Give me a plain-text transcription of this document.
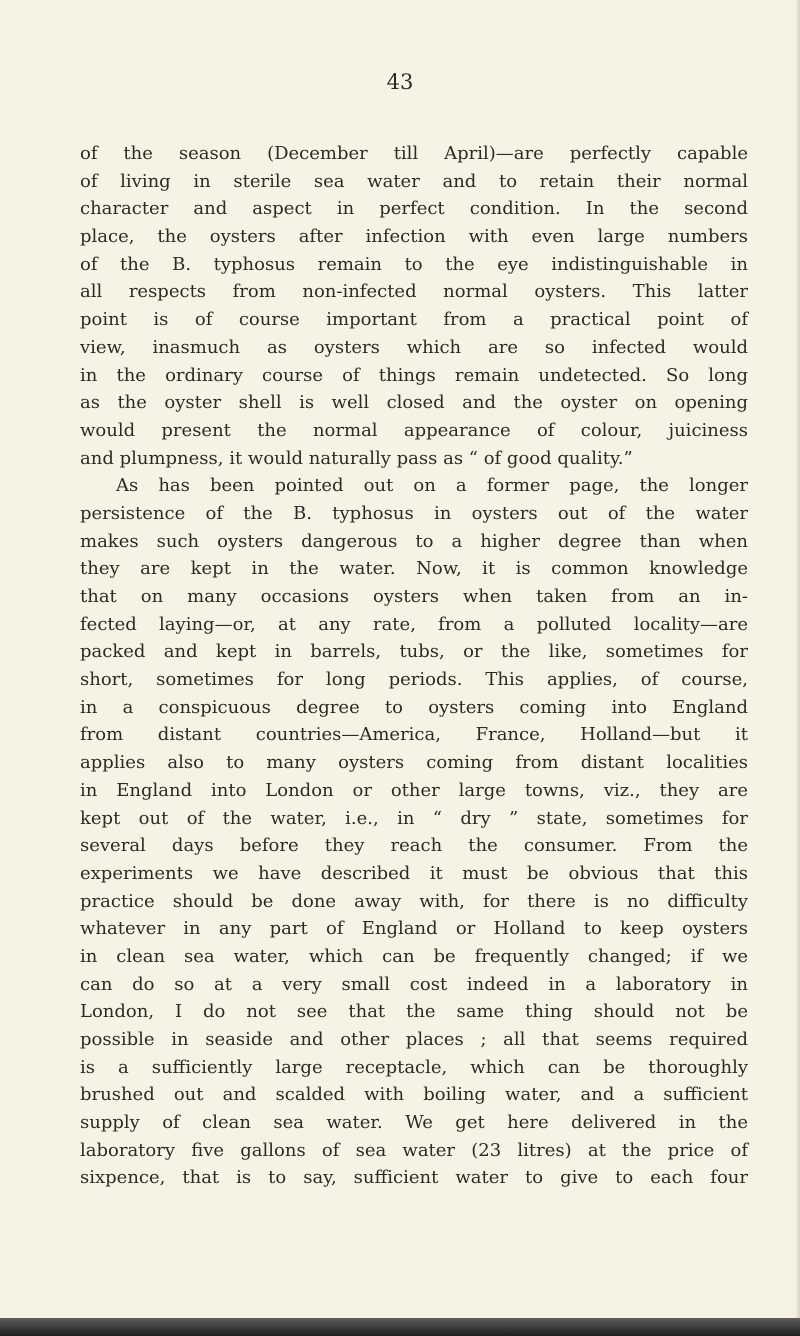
43
of the season (December till April)—are perfectly capable
of living in sterile sea water and to retain their normal
character and aspect in perfect condition. In the second
place, the oysters after infection with even large numbers
of the B. typhosus remain to the eye indistinguishable in
all respects from non-infected normal oysters. This latter
point is of course important from a practical point of
view, inasmuch as oysters which are so infected would
in the ordinary course of things remain undetected. So long
as the oyster shell is well closed and the oyster on opening
would present the normal appearance of colour, juiciness
and plumpness, it would naturally pass as “ of good quality.”
As has been pointed out on a former page, the longer
persistence of the B. typhosus in oysters out of the water
makes such oysters dangerous to a higher degree than when
they are kept in the water. Now, it is common knowledge
that on many occasions oysters when taken from an in-
fected laying—or, at any rate, from a polluted locality—are
packed and kept in barrels, tubs, or the like, sometimes for
short, sometimes for long periods. This applies, of course,
in a conspicuous degree to oysters coming into England
from distant countries—America, France, Holland—but it
applies also to many oysters coming from distant localities
in England into London or other large towns, viz., they are
kept out of the water, i.e., in “ dry ” state, sometimes for
several days before they reach the consumer. From the
experiments we have described it must be obvious that this
practice should be done away with, for there is no difficulty
whatever in any part of England or Holland to keep oysters
in clean sea water, which can be frequently changed; if we
can do so at a very small cost indeed in a laboratory in
London, I do not see that the same thing should not be
possible in seaside and other places ; all that seems required
is a sufficiently large receptacle, which can be thoroughly
brushed out and scalded with boiling water, and a sufficient
supply of clean sea water. We get here delivered in the
laboratory five gallons of sea water (23 litres) at the price of
sixpence, that is to say, sufficient water to give to each four
